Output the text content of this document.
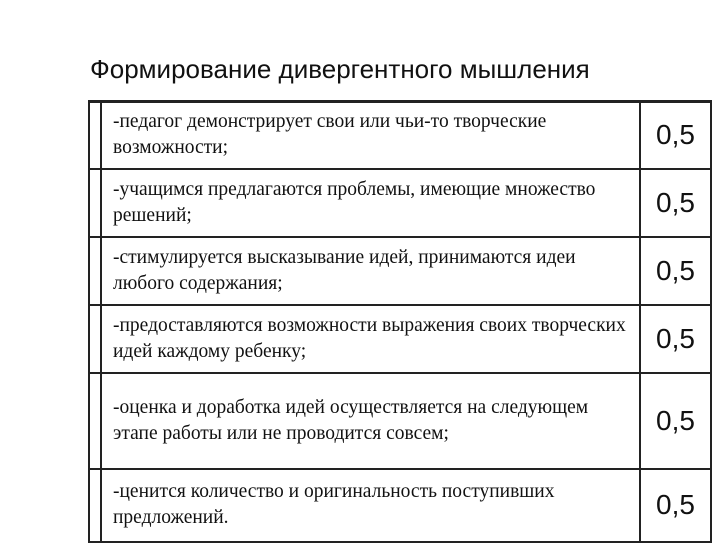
Формирование дивергентного мышления
	-педагог демонстрирует свои или чьи-то творческие возможности;	0,5
	-учащимся предлагаются проблемы, имеющие множество решений;	0,5
	-стимулируется высказывание идей, принимаются идеи любого содержания;	0,5
	-предоставляются возможности выражения своих творческих идей каждому ребенку;	0,5
	-оценка и доработка идей осуществляется на следующем этапе работы или не проводится совсем;	0,5
	-ценится количество и оригинальность поступивших предложений.	0,5
